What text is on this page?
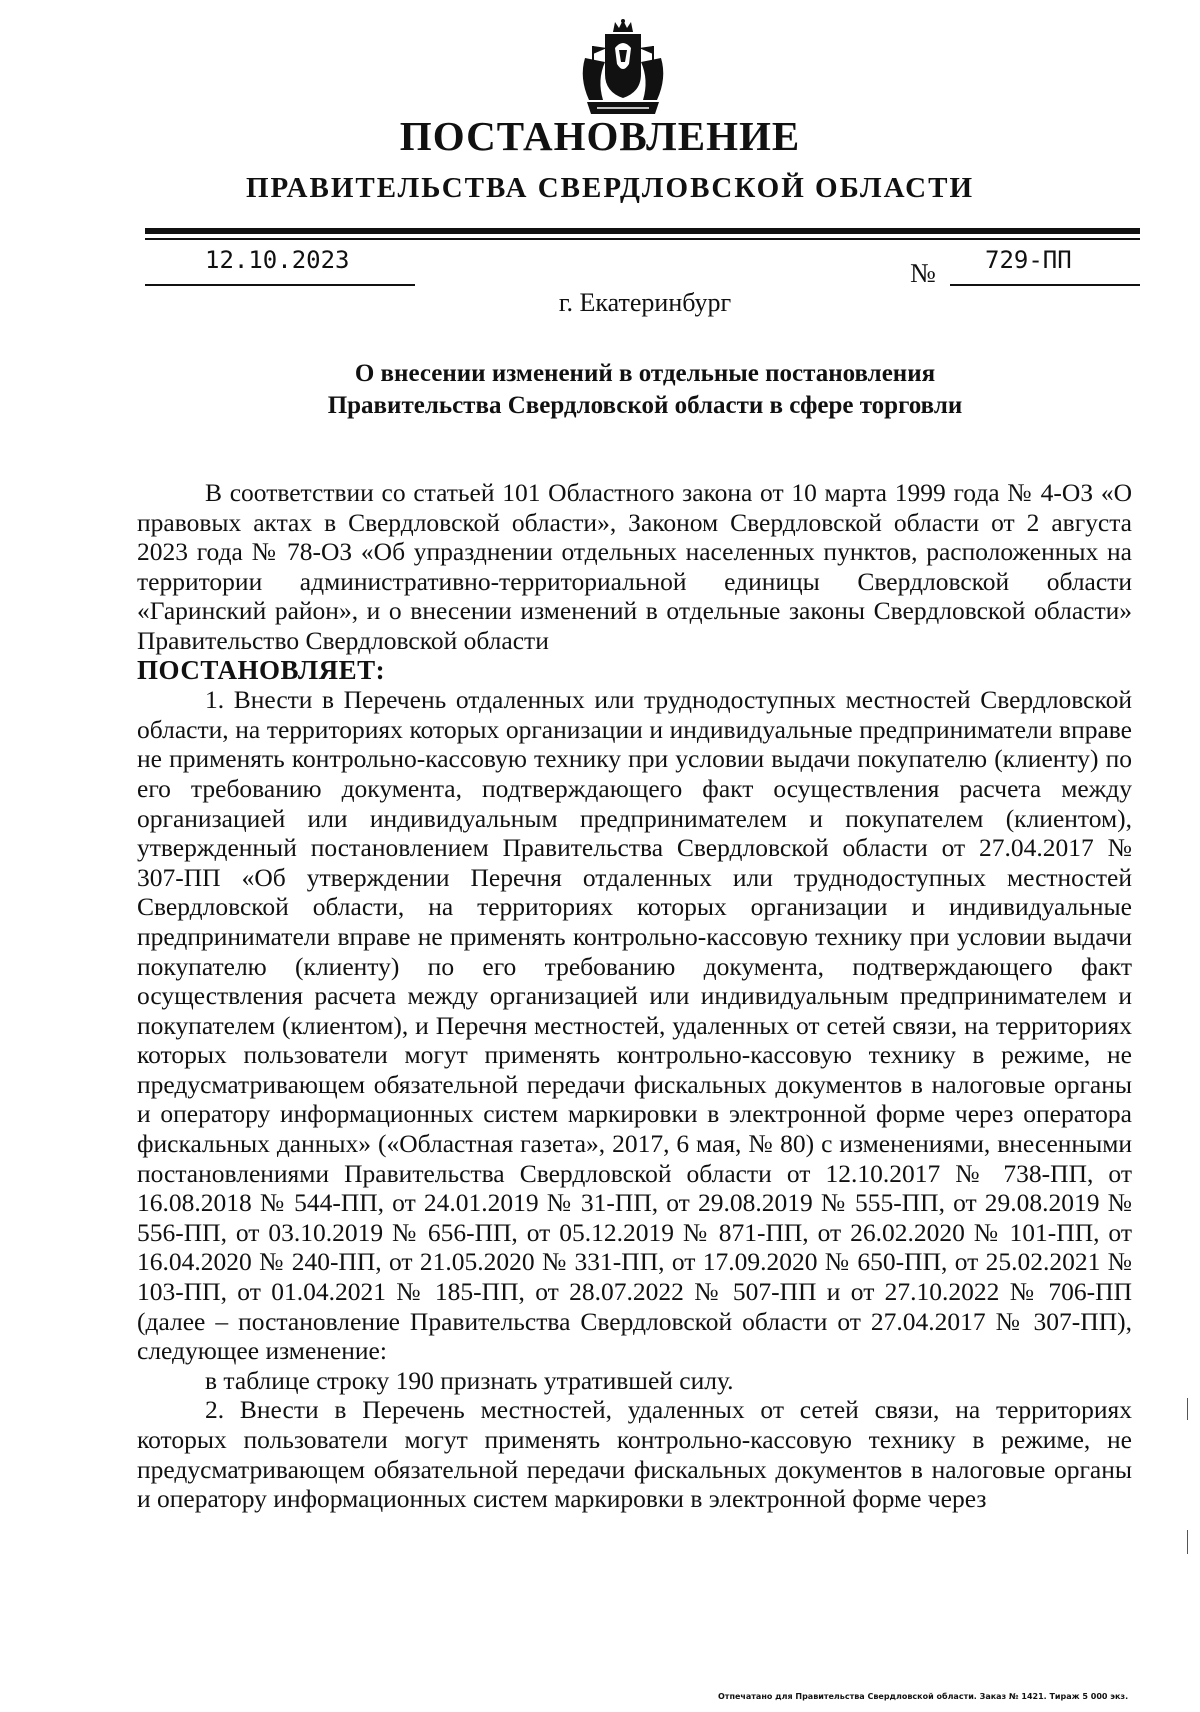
ПОСТАНОВЛЕНИЕ
ПРАВИТЕЛЬСТВА СВЕРДЛОВСКОЙ ОБЛАСТИ
12.10.2023	№ 729-ПП
г. Екатеринбург
О внесении изменений в отдельные постановления
Правительства Свердловской области в сфере торговли

В соответствии со статьей 101 Областного закона от 10 марта 1999 года № 4-ОЗ «О правовых актах в Свердловской области», Законом Свердловской области от 2 августа 2023 года № 78-ОЗ «Об упразднении отдельных населенных пунктов, расположенных на территории административно-территориальной единицы Свердловской области «Гаринский район», и о внесении изменений в отдельные законы Свердловской области» Правительство Свердловской области

ПОСТАНОВЛЯЕТ:

1. Внести в Перечень отдаленных или труднодоступных местностей Свердловской области, на территориях которых организации и индивидуальные предприниматели вправе не применять контрольно-кассовую технику при условии выдачи покупателю (клиенту) по его требованию документа, подтверждающего факт осуществления расчета между организацией или индивидуальным предпринимателем и покупателем (клиентом), утвержденный постановлением Правительства Свердловской области от 27.04.2017 № 307-ПП «Об утверждении Перечня отдаленных или труднодоступных местностей Свердловской области, на территориях которых организации и индивидуальные предприниматели вправе не применять контрольно-кассовую технику при условии выдачи покупателю (клиенту) по его требованию документа, подтверждающего факт осуществления расчета между организацией или индивидуальным предпринимателем и покупателем (клиентом), и Перечня местностей, удаленных от сетей связи, на территориях которых пользователи могут применять контрольно-кассовую технику в режиме, не предусматривающем обязательной передачи фискальных документов в налоговые органы и оператору информационных систем маркировки в электронной форме через оператора фискальных данных» («Областная газета», 2017, 6 мая, № 80) с изменениями, внесенными постановлениями Правительства Свердловской области от 12.10.2017 № 738-ПП, от 16.08.2018 № 544-ПП, от 24.01.2019 № 31-ПП, от 29.08.2019 № 555-ПП, от 29.08.2019 № 556-ПП, от 03.10.2019 № 656-ПП, от 05.12.2019 № 871-ПП, от 26.02.2020 № 101-ПП, от 16.04.2020 № 240-ПП, от 21.05.2020 № 331-ПП, от 17.09.2020 № 650-ПП, от 25.02.2021 № 103-ПП, от 01.04.2021 № 185-ПП, от 28.07.2022 № 507-ПП и от 27.10.2022 № 706-ПП (далее – постановление Правительства Свердловской области от 27.04.2017 № 307-ПП), следующее изменение:

в таблице строку 190 признать утратившей силу.

2. Внести в Перечень местностей, удаленных от сетей связи, на территориях которых пользователи могут применять контрольно-кассовую технику в режиме, не предусматривающем обязательной передачи фискальных документов в налоговые органы и оператору информационных систем маркировки в электронной форме через

Отпечатано для Правительства Свердловской области. Заказ № 1421. Тираж 5 000 экз.
